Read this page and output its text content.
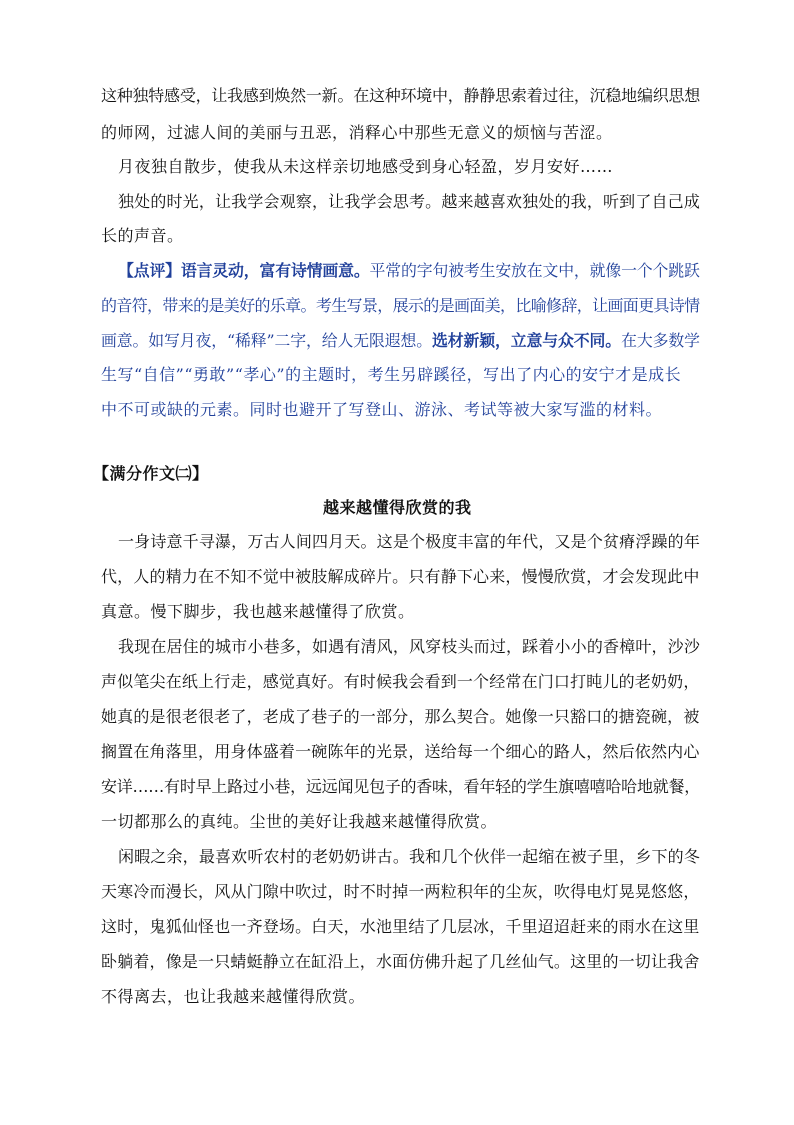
这种独特感受，让我感到焕然一新。在这种环境中，静静思索着过往，沉稳地编织思想
的师网，过滤人间的美丽与丑恶，消释心中那些无意义的烦恼与苦涩。
月夜独自散步，使我从未这样亲切地感受到身心轻盈，岁月安好……
独处的时光，让我学会观察，让我学会思考。越来越喜欢独处的我，听到了自己成
长的声音。
【点评】语言灵动，富有诗情画意。平常的字句被考生安放在文中，就像一个个跳跃
的音符，带来的是美好的乐章。考生写景，展示的是画面美，比喻修辞，让画面更具诗情
画意。如写月夜，“稀释”二字，给人无限遐想。选材新颖，立意与众不同。在大多数学
生写“自信”“勇敢”“孝心”的主题时，考生另辟蹊径，写出了内心的安宁才是成长
中不可或缺的元素。同时也避开了写登山、游泳、考试等被大家写滥的材料。
【满分作文㈡】
越来越懂得欣赏的我
一身诗意千寻瀑，万古人间四月天。这是个极度丰富的年代，又是个贫瘠浮躁的年
代，人的精力在不知不觉中被肢解成碎片。只有静下心来，慢慢欣赏，才会发现此中
真意。慢下脚步，我也越来越懂得了欣赏。
我现在居住的城市小巷多，如遇有清风，风穿枝头而过，踩着小小的香樟叶，沙沙
声似笔尖在纸上行走，感觉真好。有时候我会看到一个经常在门口打盹儿的老奶奶，
她真的是很老很老了，老成了巷子的一部分，那么契合。她像一只豁口的搪瓷碗，被
搁置在角落里，用身体盛着一碗陈年的光景，送给每一个细心的路人，然后依然内心
安详……有时早上路过小巷，远远闻见包子的香味，看年轻的学生旗嘻嘻哈哈地就餐，
一切都那么的真纯。尘世的美好让我越来越懂得欣赏。
闲暇之余，最喜欢听农村的老奶奶讲古。我和几个伙伴一起缩在被子里，乡下的冬
天寒冷而漫长，风从门隙中吹过，时不时掉一两粒积年的尘灰，吹得电灯晃晃悠悠，
这时，鬼狐仙怪也一齐登场。白天，水池里结了几层冰，千里迢迢赶来的雨水在这里
卧躺着，像是一只蜻蜓静立在缸沿上，水面仿佛升起了几丝仙气。这里的一切让我舍
不得离去，也让我越来越懂得欣赏。
